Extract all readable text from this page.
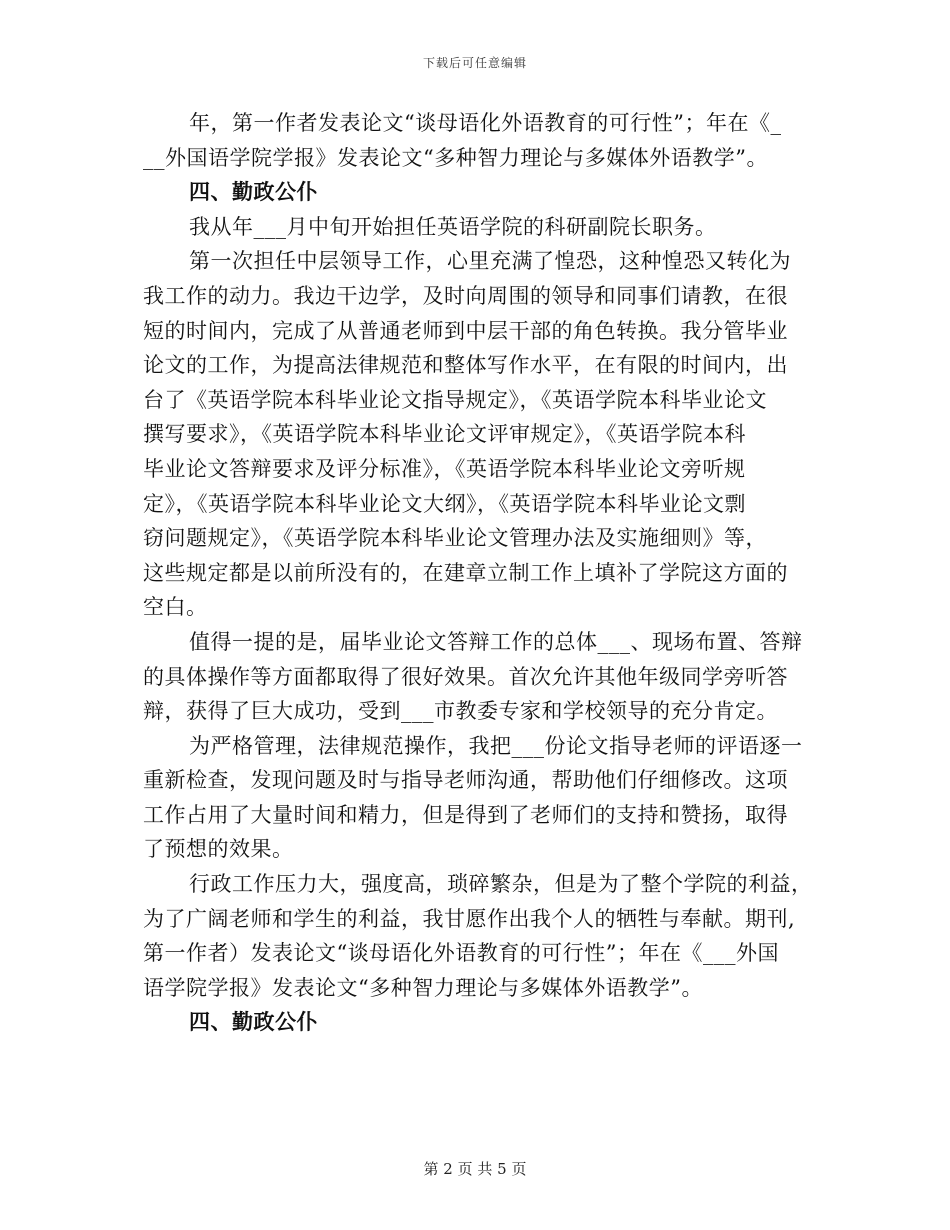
下载后可任意编辑
年，第一作者发表论文“谈母语化外语教育的可行性”；年在《_
__外国语学院学报》发表论文“多种智力理论与多媒体外语教学”。
四、勤政公仆
我从年___月中旬开始担任英语学院的科研副院长职务。
第一次担任中层领导工作，心里充满了惶恐，这种惶恐又转化为
我工作的动力。我边干边学，及时向周围的领导和同事们请教，在很
短的时间内，完成了从普通老师到中层干部的角色转换。我分管毕业
论文的工作，为提高法律规范和整体写作水平，在有限的时间内，出
台了《英语学院本科毕业论文指导规定》，《英语学院本科毕业论文
撰写要求》，《英语学院本科毕业论文评审规定》，《英语学院本科
毕业论文答辩要求及评分标准》，《英语学院本科毕业论文旁听规
定》，《英语学院本科毕业论文大纲》，《英语学院本科毕业论文剽
窃问题规定》，《英语学院本科毕业论文管理办法及实施细则》等，
这些规定都是以前所没有的，在建章立制工作上填补了学院这方面的
空白。
值得一提的是，届毕业论文答辩工作的总体___、现场布置、答辩
的具体操作等方面都取得了很好效果。首次允许其他年级同学旁听答
辩，获得了巨大成功，受到___市教委专家和学校领导的充分肯定。
为严格管理，法律规范操作，我把___份论文指导老师的评语逐一
重新检查，发现问题及时与指导老师沟通，帮助他们仔细修改。这项
工作占用了大量时间和精力，但是得到了老师们的支持和赞扬，取得
了预想的效果。
行政工作压力大，强度高，琐碎繁杂，但是为了整个学院的利益，
为了广阔老师和学生的利益，我甘愿作出我个人的牺牲与奉献。期刊,
第一作者）发表论文“谈母语化外语教育的可行性”；年在《___外国
语学院学报》发表论文“多种智力理论与多媒体外语教学”。
四、勤政公仆
第 2 页 共 5 页
